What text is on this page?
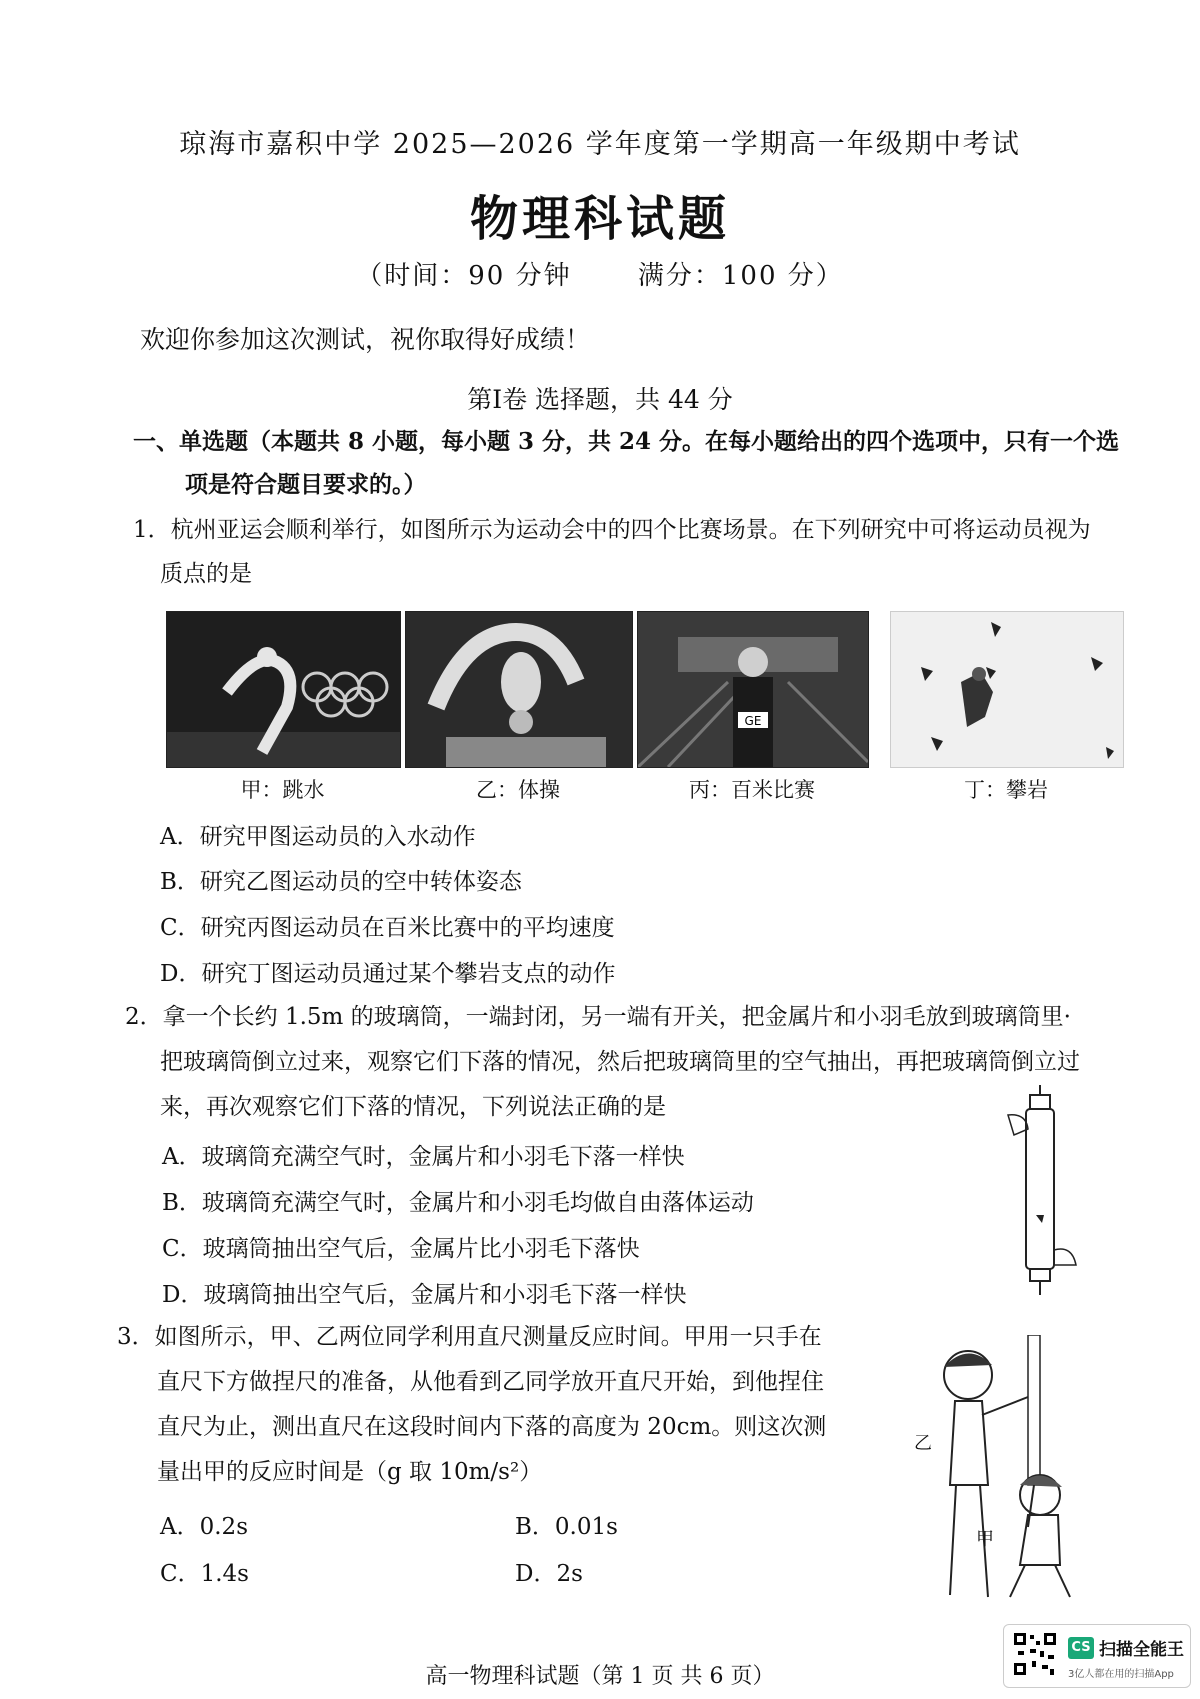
琼海市嘉积中学 2025—2026 学年度第一学期高一年级期中考试
物理科试题
（时间：90 分钟	满分：100 分）
欢迎你参加这次测试，祝你取得好成绩！
第Ⅰ卷 选择题，共 44 分
一、单选题（本题共 8 小题，每小题 3 分，共 24 分。在每小题给出的四个选项中，只有一个选
项是符合题目要求的。）
1．杭州亚运会顺利举行，如图所示为运动会中的四个比赛场景。在下列研究中可将运动员视为
质点的是
GE
甲：跳水	乙：体操	丙：百米比赛	丁：攀岩
A．研究甲图运动员的入水动作
B．研究乙图运动员的空中转体姿态
C．研究丙图运动员在百米比赛中的平均速度
D．研究丁图运动员通过某个攀岩支点的动作
2．拿一个长约 1.5m 的玻璃筒，一端封闭，另一端有开关，把金属片和小羽毛放到玻璃筒里·
把玻璃筒倒立过来，观察它们下落的情况，然后把玻璃筒里的空气抽出，再把玻璃筒倒立过
来，再次观察它们下落的情况，下列说法正确的是
A．玻璃筒充满空气时，金属片和小羽毛下落一样快
B．玻璃筒充满空气时，金属片和小羽毛均做自由落体运动
C．玻璃筒抽出空气后，金属片比小羽毛下落快
D．玻璃筒抽出空气后，金属片和小羽毛下落一样快
3．如图所示，甲、乙两位同学利用直尺测量反应时间。甲用一只手在
直尺下方做捏尺的准备，从他看到乙同学放开直尺开始，到他捏住
直尺为止，测出直尺在这段时间内下落的高度为 20cm。则这次测
量出甲的反应时间是（g 取 10m/s²）
A．0.2s	B．0.01s
C．1.4s	D．2s
乙
甲
高一物理科试题（第 1 页 共 6 页）
CS 扫描全能王
3亿人都在用的扫描App
